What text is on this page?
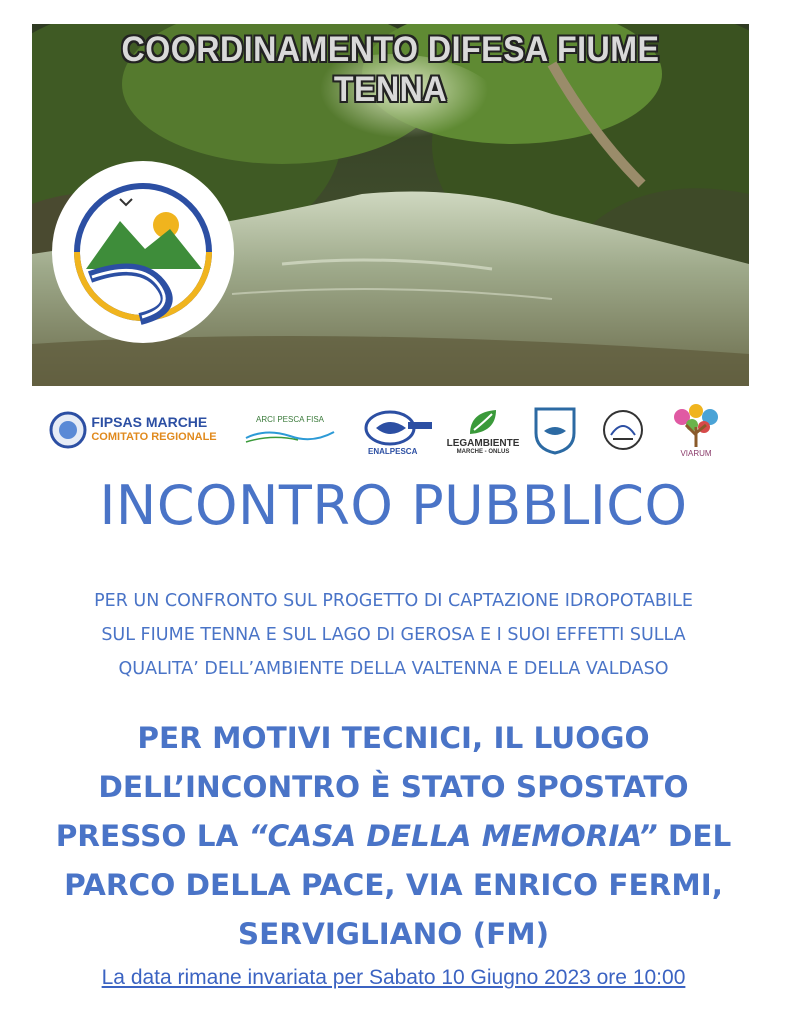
COORDINAMENTO DIFESA FIUME TENNA
FIPSAS MARCHE
COMITATO REGIONALE
ARCI PESCA FISA
ENALPESCA
LEGAMBIENTE
MARCHE - ONLUS	VIARUM
INCONTRO PUBBLICO
PER UN CONFRONTO SUL PROGETTO DI CAPTAZIONE IDROPOTABILE
SUL FIUME TENNA E SUL LAGO DI GEROSA E I SUOI EFFETTI SULLA
QUALITA’ DELL’AMBIENTE DELLA VALTENNA E DELLA VALDASO
PER MOTIVI TECNICI, IL LUOGO
DELL’INCONTRO È STATO SPOSTATO
PRESSO LA “CASA DELLA MEMORIA” DEL
PARCO DELLA PACE, VIA ENRICO FERMI,
SERVIGLIANO (FM)
La data rimane invariata per Sabato 10 Giugno 2023 ore 10:00
